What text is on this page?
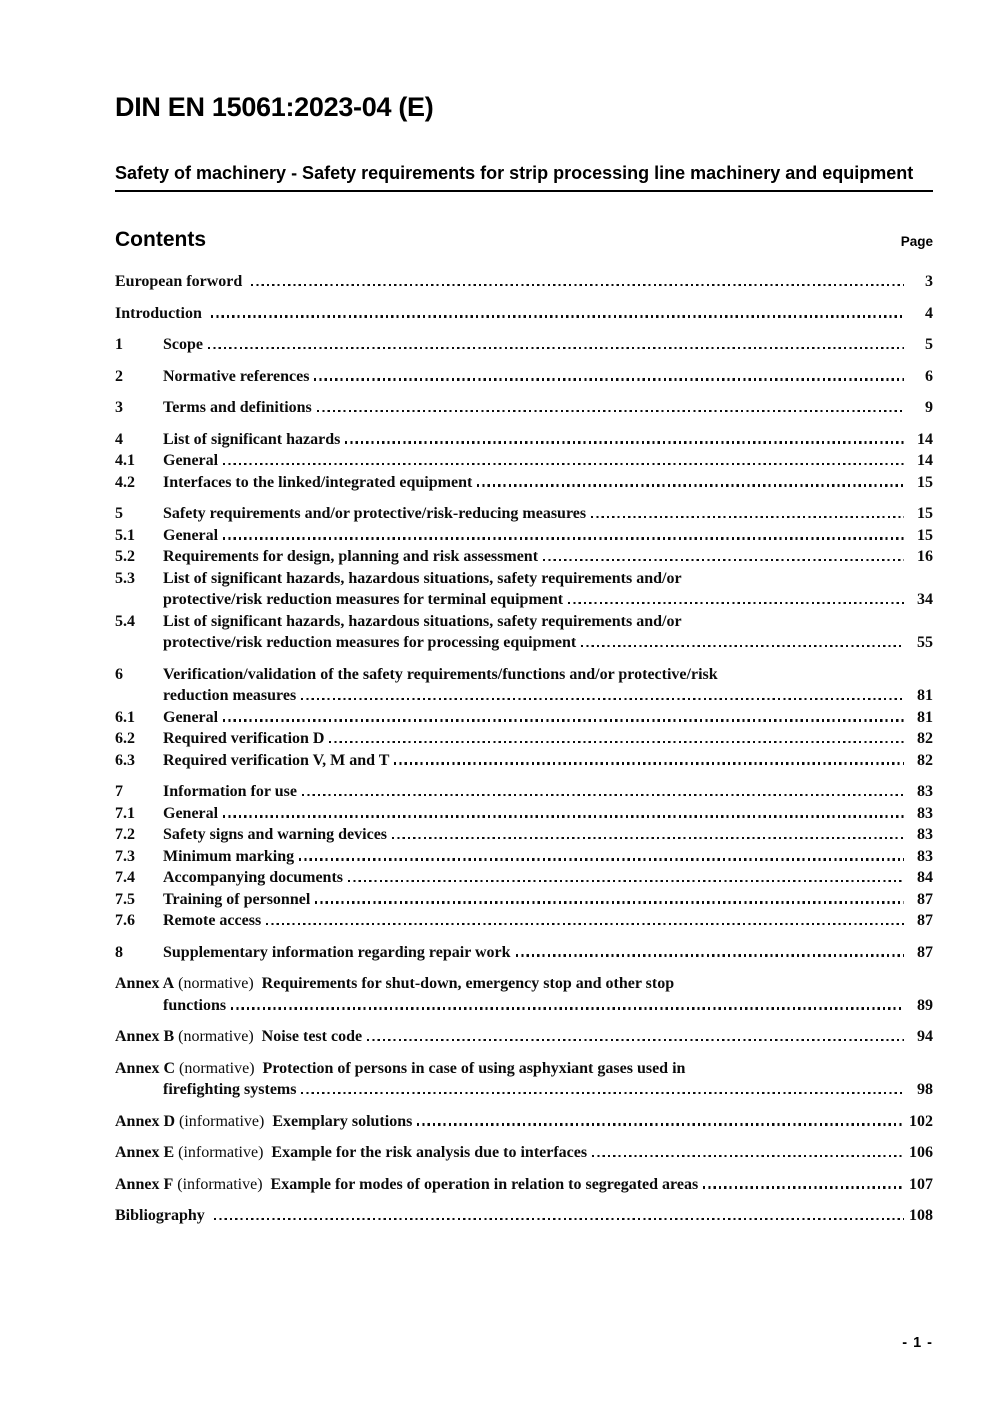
DIN EN 15061:2023-04 (E)
Safety of machinery - Safety requirements for strip processing line machinery and equipment
Contents	Page
European forword	3
Introduction	4
1	Scope	5
2	Normative references	6
3	Terms and definitions	9
4	List of significant hazards	14
4.1	General	14
4.2	Interfaces to the linked/integrated equipment	15
5	Safety requirements and/or protective/risk-reducing measures	15
5.1	General	15
5.2	Requirements for design, planning and risk assessment	16
5.3	List of significant hazards, hazardous situations, safety requirements and/or
protective/risk reduction measures for terminal equipment	34
5.4	List of significant hazards, hazardous situations, safety requirements and/or
protective/risk reduction measures for processing equipment	55
6	Verification/validation of the safety requirements/functions and/or protective/risk
reduction measures	81
6.1	General	81
6.2	Required verification D	82
6.3	Required verification V, M and T	82
7	Information for use	83
7.1	General	83
7.2	Safety signs and warning devices	83
7.3	Minimum marking	83
7.4	Accompanying documents	84
7.5	Training of personnel	87
7.6	Remote access	87
8	Supplementary information regarding repair work	87
Annex A (normative) Requirements for shut-down, emergency stop and other stop
functions	89
Annex B (normative) Noise test code	94
Annex C (normative) Protection of persons in case of using asphyxiant gases used in
firefighting systems	98
Annex D (informative) Exemplary solutions	102
Annex E (informative) Example for the risk analysis due to interfaces	106
Annex F (informative) Example for modes of operation in relation to segregated areas	107
Bibliography	108
- 1 -
